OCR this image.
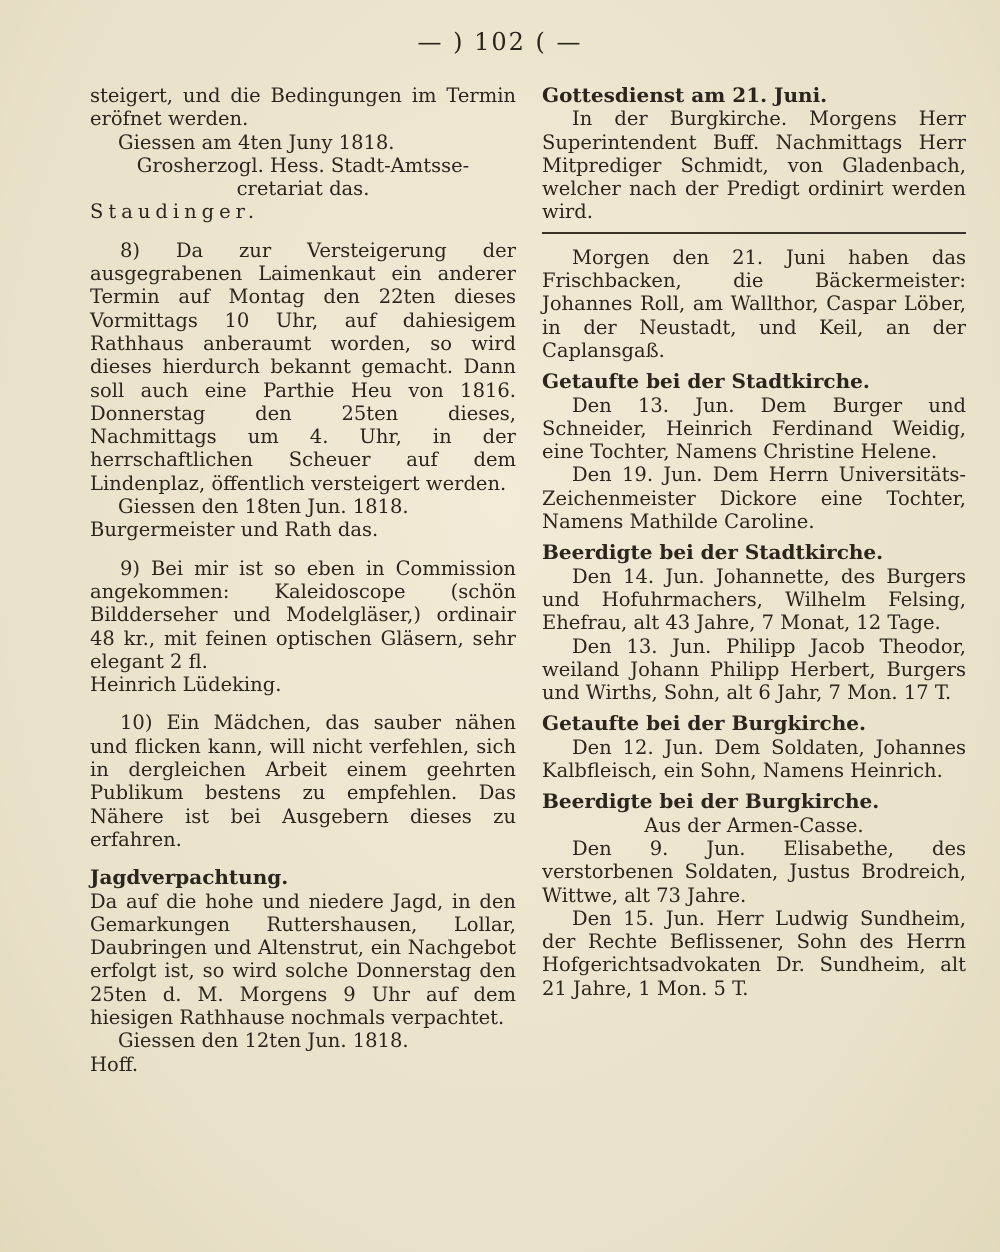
— ) 102 ( —

steigert, und die Bedingungen im Termin eröfnet werden.

Giessen am 4ten Juny 1818.

Grosherzogl. Hess. Stadt-Amtsse-

cretariat das.

Staudinger.

8) Da zur Versteigerung der ausgegrabenen Laimenkaut ein anderer Termin auf Montag den 22ten dieses Vormittags 10 Uhr, auf dahiesigem Rathhaus anberaumt worden, so wird dieses hierdurch bekannt gemacht. Dann soll auch eine Parthie Heu von 1816. Donnerstag den 25ten dieses, Nachmittags um 4. Uhr, in der herrschaftlichen Scheuer auf dem Lindenplaz, öffentlich versteigert werden.

Giessen den 18ten Jun. 1818.

Burgermeister und Rath das.

9) Bei mir ist so eben in Commission angekommen: Kaleidoscope (schön Bildderseher und Modelgläser,) ordinair 48 kr., mit feinen optischen Gläsern, sehr elegant 2 fl.

Heinrich Lüdeking.

10) Ein Mädchen, das sauber nähen und flicken kann, will nicht verfehlen, sich in dergleichen Arbeit einem geehrten Publikum bestens zu empfehlen. Das Nähere ist bei Ausgebern dieses zu erfahren.

Jagdverpachtung.

Da auf die hohe und niedere Jagd, in den Gemarkungen Ruttershausen, Lollar, Daubringen und Altenstrut, ein Nachgebot erfolgt ist, so wird solche Donnerstag den 25ten d. M. Morgens 9 Uhr auf dem hiesigen Rathhause nochmals verpachtet.

Giessen den 12ten Jun. 1818.

Hoff.

Gottesdienst am 21. Juni.

In der Burgkirche. Morgens Herr Superintendent Buff. Nachmittags Herr Mitprediger Schmidt, von Gladenbach, welcher nach der Predigt ordinirt werden wird.

Morgen den 21. Juni haben das Frischbacken, die Bäckermeister: Johannes Roll, am Wallthor, Caspar Löber, in der Neustadt, und Keil, an der Caplansgaß.

Getaufte bei der Stadtkirche.

Den 13. Jun. Dem Burger und Schneider, Heinrich Ferdinand Weidig, eine Tochter, Namens Christine Helene.

Den 19. Jun. Dem Herrn Universitäts-Zeichenmeister Dickore eine Tochter, Namens Mathilde Caroline.

Beerdigte bei der Stadtkirche.

Den 14. Jun. Johannette, des Burgers und Hofuhrmachers, Wilhelm Felsing, Ehefrau, alt 43 Jahre, 7 Monat, 12 Tage.

Den 13. Jun. Philipp Jacob Theodor, weiland Johann Philipp Herbert, Burgers und Wirths, Sohn, alt 6 Jahr, 7 Mon. 17 T.

Getaufte bei der Burgkirche.

Den 12. Jun. Dem Soldaten, Johannes Kalbfleisch, ein Sohn, Namens Heinrich.

Beerdigte bei der Burgkirche.

Aus der Armen-Casse.

Den 9. Jun. Elisabethe, des verstorbenen Soldaten, Justus Brodreich, Wittwe, alt 73 Jahre.

Den 15. Jun. Herr Ludwig Sundheim, der Rechte Beflissener, Sohn des Herrn Hofgerichtsadvokaten Dr. Sundheim, alt 21 Jahre, 1 Mon. 5 T.
